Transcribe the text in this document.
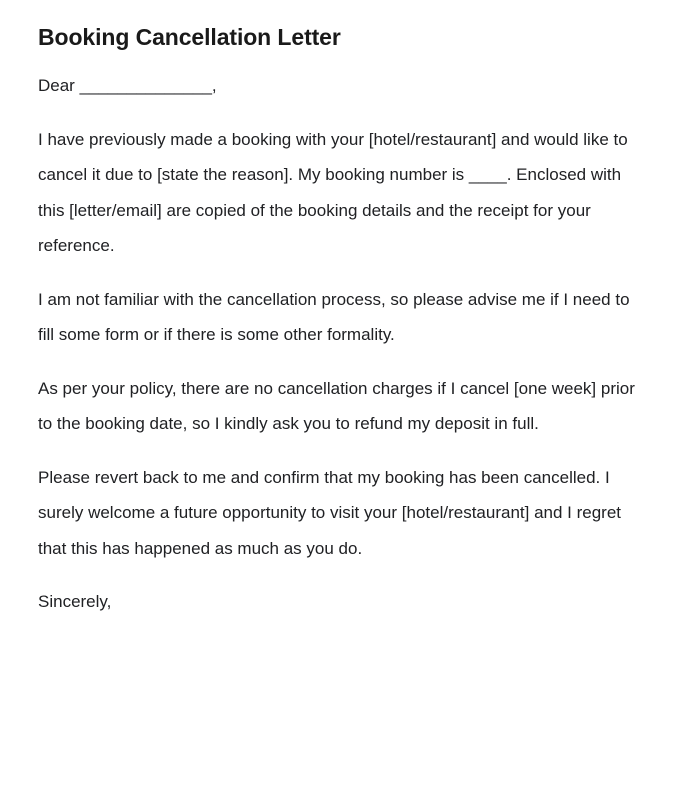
Booking Cancellation Letter

Dear ______________,

I have previously made a booking with your [hotel/restaurant] and would like to cancel it due to [state the reason]. My booking number is ____. Enclosed with this [letter/email] are copied of the booking details and the receipt for your reference.

I am not familiar with the cancellation process, so please advise me if I need to fill some form or if there is some other formality.

As per your policy, there are no cancellation charges if I cancel [one week] prior to the booking date, so I kindly ask you to refund my deposit in full.

Please revert back to me and confirm that my booking has been cancelled. I surely welcome a future opportunity to visit your [hotel/restaurant] and I regret that this has happened as much as you do.

Sincerely,
